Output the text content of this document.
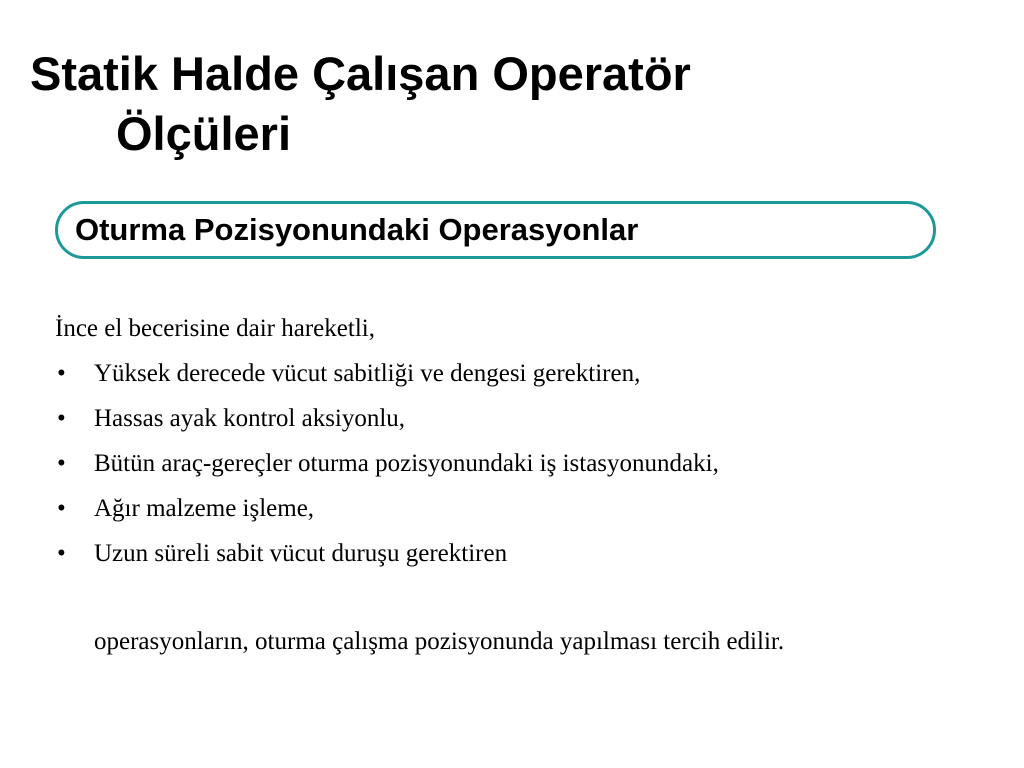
Statik Halde Çalışan Operatör
Ölçüleri
Oturma Pozisyonundaki Operasyonlar
İnce el becerisine dair hareketli,
• Yüksek derecede vücut sabitliği ve dengesi gerektiren,
• Hassas ayak kontrol aksiyonlu,
• Bütün araç-gereçler oturma pozisyonundaki iş istasyonundaki,
• Ağır malzeme işleme,
• Uzun süreli sabit vücut duruşu gerektiren
operasyonların, oturma çalışma pozisyonunda yapılması tercih edilir.
